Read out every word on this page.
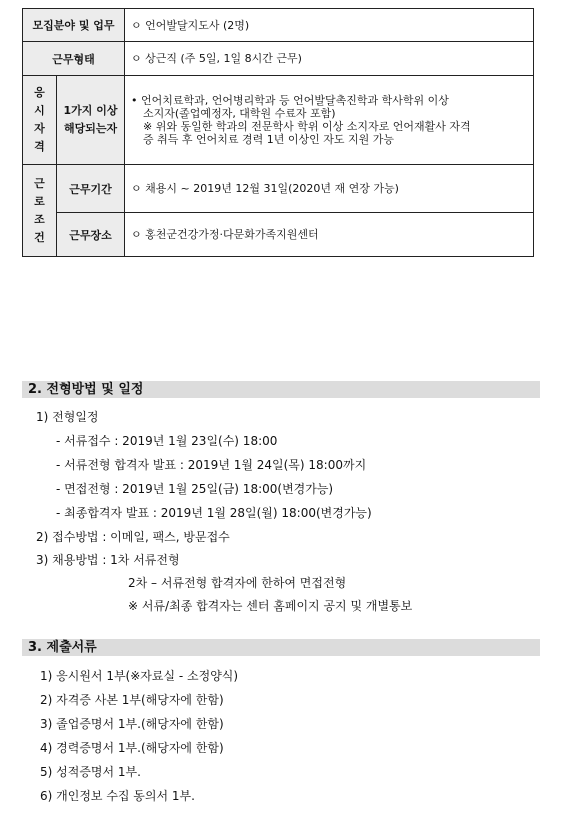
모집분야 및 업무		ㅇ 언어발달지도사 (2명)
근무형태		ㅇ 상근직 (주 5일, 1일 8시간 근무)
응시 자격	1가지 이상 해당되는자	• 언어치료학과, 언어병리학과 등 언어발달촉진학과 학사학위 이상
소지자(졸업예정자, 대학원 수료자 포함)
※ 위와 동일한 학과의 전문학사 학위 이상 소지자로 언어재활사 자격
증 취득 후 언어치료 경력 1년 이상인 자도 지원 가능

근로 조건	근무기간	ㅇ 채용시 ~ 2019년 12월 31일(2020년 재 연장 가능)
	근무장소	ㅇ 홍천군건강가정·다문화가족지원센터
2. 전형방법 및 일정
1) 전형일정
- 서류접수 : 2019년 1월 23일(수) 18:00
- 서류전형 합격자 발표 : 2019년 1월 24일(목) 18:00까지
- 면접전형 : 2019년 1월 25일(금) 18:00(변경가능)
- 최종합격자 발표 : 2019년 1월 28일(월) 18:00(변경가능)
2) 접수방법 : 이메일, 팩스, 방문접수
3) 채용방법 : 1차 서류전형
2차 – 서류전형 합격자에 한하여 면접전형
※ 서류/최종 합격자는 센터 홈페이지 공지 및 개별통보
3. 제출서류
1) 응시원서 1부(※자료실 - 소정양식)
2) 자격증 사본 1부(해당자에 한함)
3) 졸업증명서 1부.(해당자에 한함)
4) 경력증명서 1부.(해당자에 한함)
5) 성적증명서 1부.
6) 개인정보 수집 동의서 1부.
